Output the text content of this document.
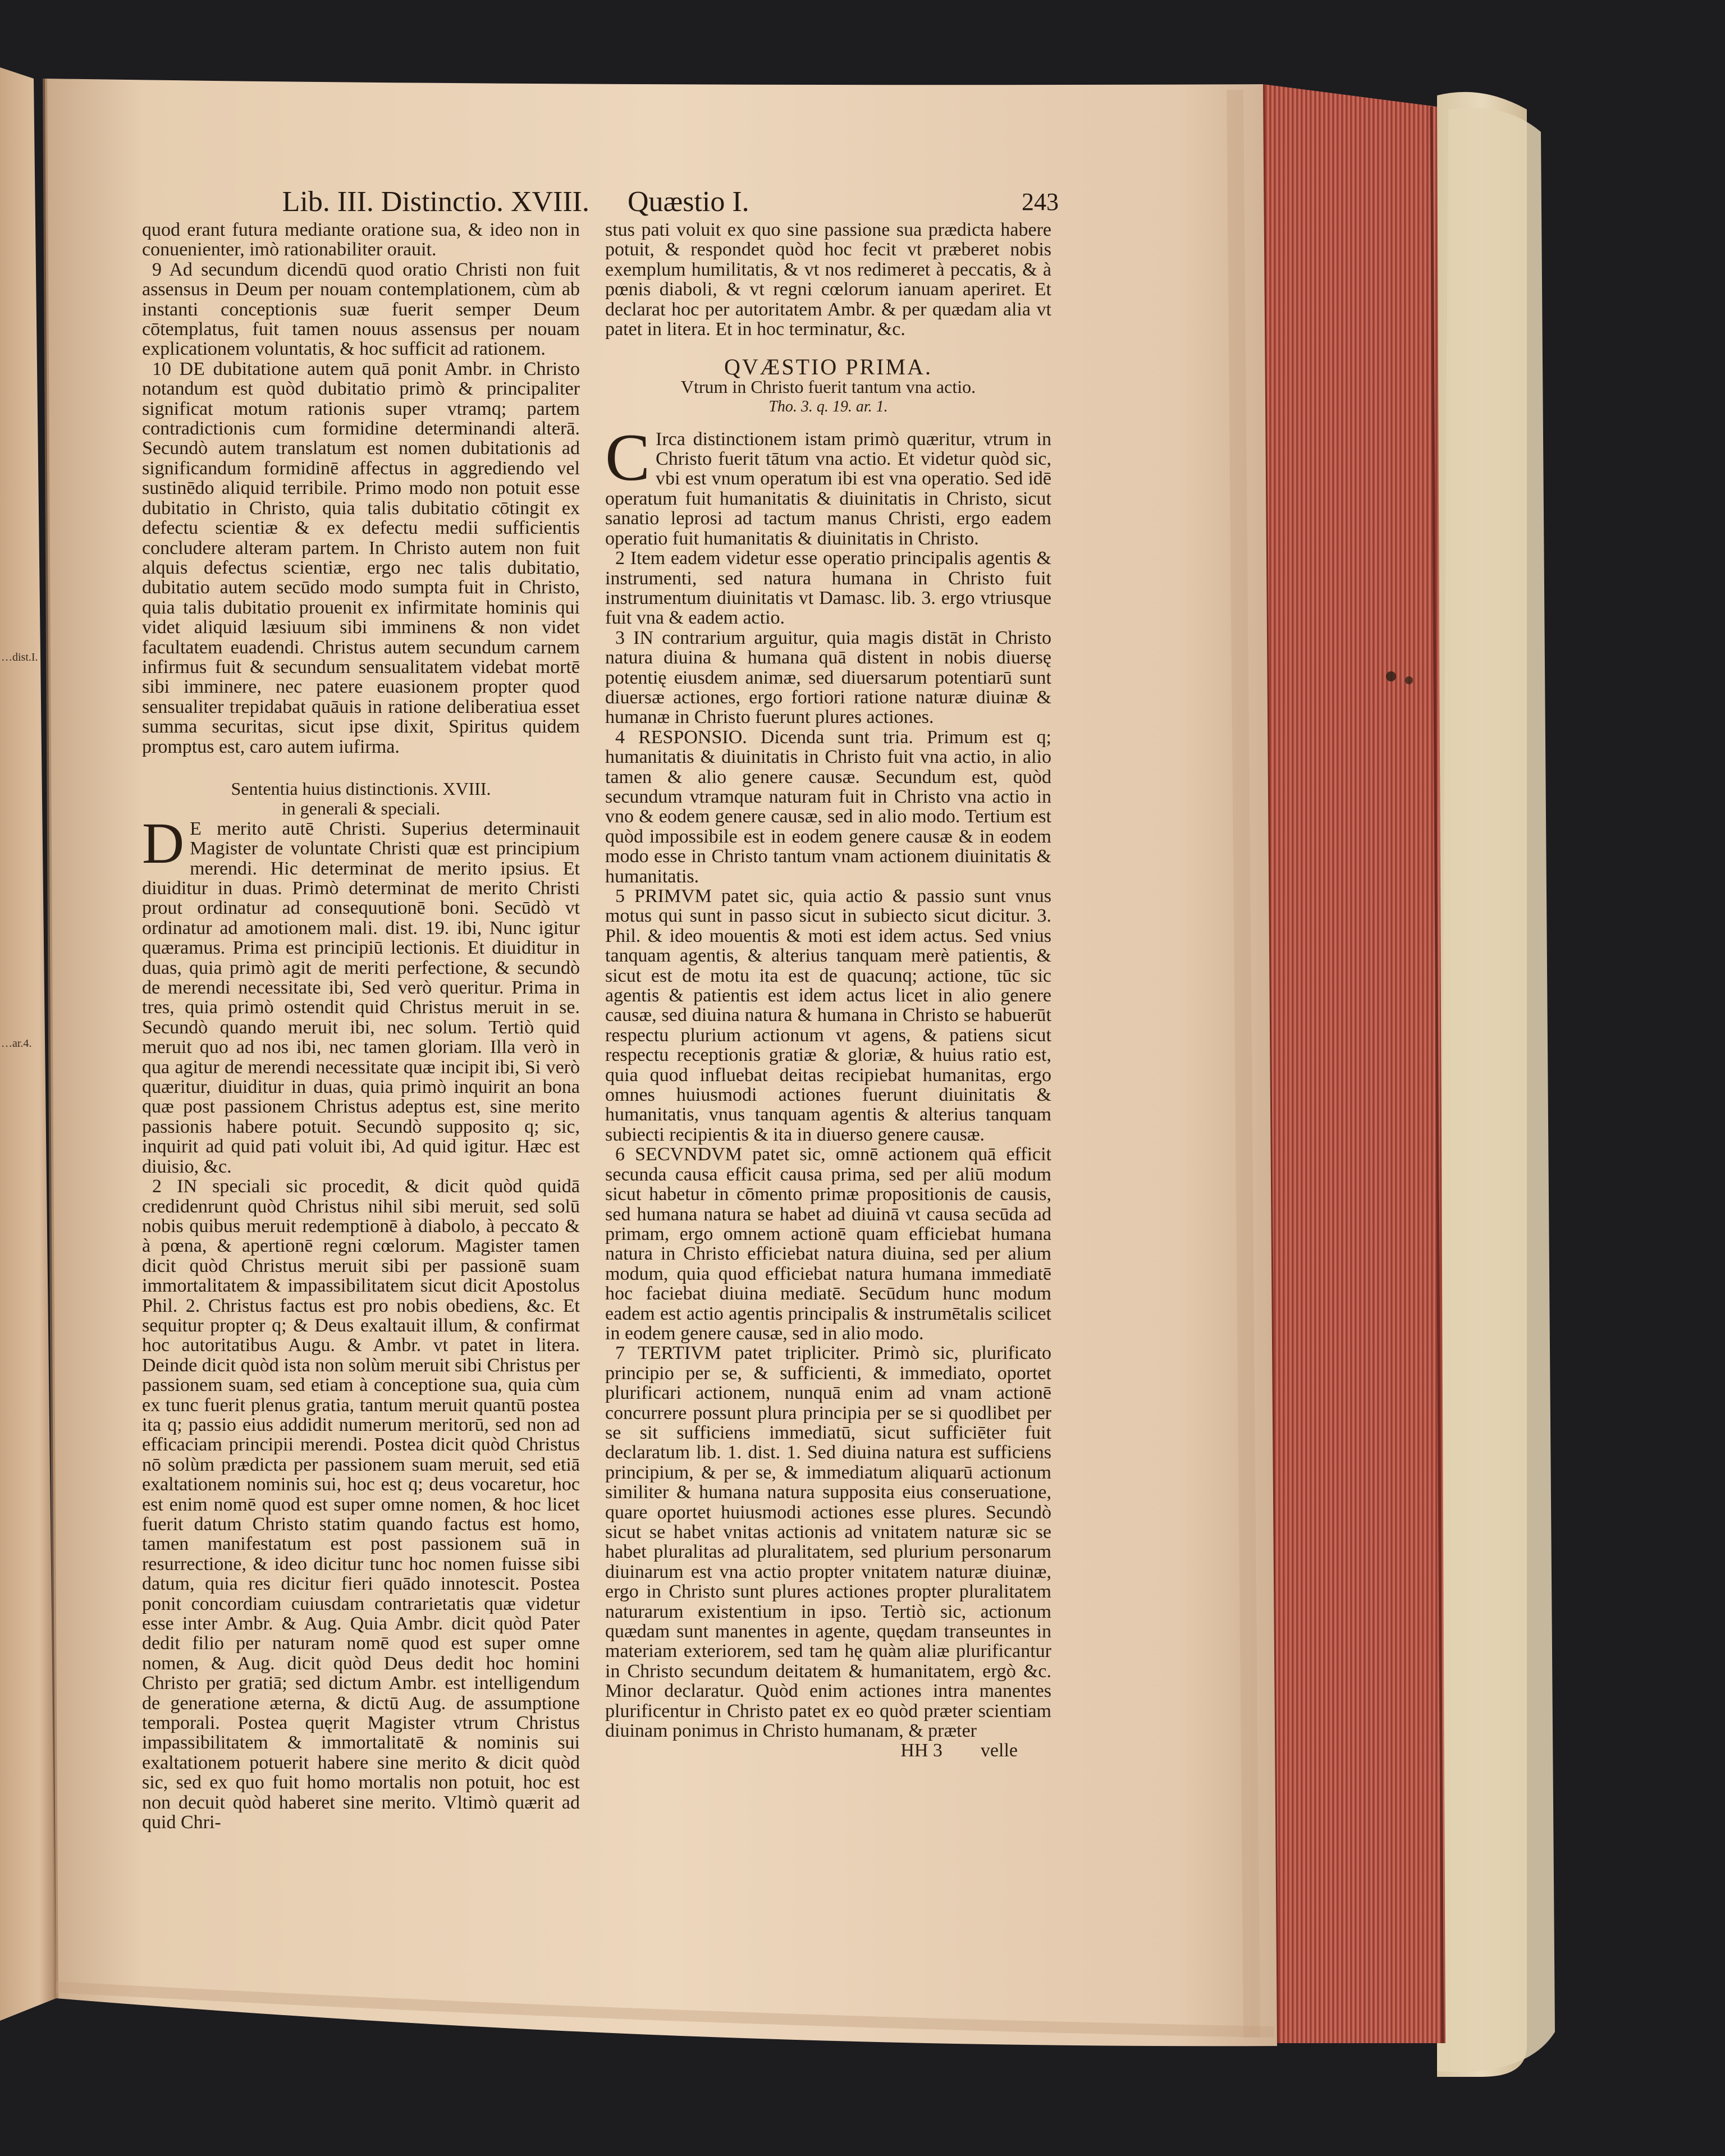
Lib. III. Distinctio. XVIII. Quæstio I.	243
…dist.I.
…ar.4.

quod erant futura mediante oratione sua, & ideo non in conuenienter, imò rationabiliter orauit.

9 Ad secundum dicendū quod oratio Christi non fuit assensus in Deum per nouam contemplationem, cùm ab instanti conceptionis suæ fuerit semper Deum cōtemplatus, fuit tamen nouus assensus per nouam explicationem voluntatis, & hoc sufficit ad rationem.

10 DE dubitatione autem quā ponit Ambr. in Christo notandum est quòd dubitatio primò & principaliter significat motum rationis super vtramq; partem contradictionis cum formidine determinandi alterā. Secundò autem translatum est nomen dubitationis ad significandum formidinē affectus in aggrediendo vel sustinēdo aliquid terribile. Primo modo non potuit esse dubitatio in Christo, quia talis dubitatio cōtingit ex defectu scientiæ & ex defectu medii sufficientis concludere alteram partem. In Christo autem non fuit alquis defectus scientiæ, ergo nec talis dubitatio, dubitatio autem secūdo modo sumpta fuit in Christo, quia talis dubitatio prouenit ex infirmitate hominis qui videt aliquid læsiuum sibi imminens & non videt facultatem euadendi. Christus autem secundum carnem infirmus fuit & secundum sensualitatem videbat mortē sibi imminere, nec patere euasionem propter quod sensualiter trepidabat quāuis in ratione deliberatiua esset summa securitas, sicut ipse dixit, Spiritus quidem promptus est, caro autem iufirma.

Sententia huius distinctionis. XVIII.

in generali & speciali.

D E merito autē Christi. Superius determinauit Magister de voluntate Christi quæ est principium merendi. Hic determinat de merito ipsius. Et diuiditur in duas. Primò determinat de merito Christi prout ordinatur ad consequutionē boni. Secūdò vt ordinatur ad amotionem mali. dist. 19. ibi, Nunc igitur quæramus. Prima est principiū lectionis. Et diuiditur in duas, quia primò agit de meriti perfectione, & secundò de merendi necessitate ibi, Sed verò queritur. Prima in tres, quia primò ostendit quid Christus meruit in se. Secundò quando meruit ibi, nec solum. Tertiò quid meruit quo ad nos ibi, nec tamen gloriam. Illa verò in qua agitur de merendi necessitate quæ incipit ibi, Si verò quæritur, diuiditur in duas, quia primò inquirit an bona quæ post passionem Christus adeptus est, sine merito passionis habere potuit. Secundò supposito q; sic, inquirit ad quid pati voluit ibi, Ad quid igitur. Hæc est diuisio, &c.

2 IN speciali sic procedit, & dicit quòd quidā credidenrunt quòd Christus nihil sibi meruit, sed solū nobis quibus meruit redemptionē à diabolo, à peccato & à pœna, & apertionē regni cœlorum. Magister tamen dicit quòd Christus meruit sibi per passionē suam immortalitatem & impassibilitatem sicut dicit Apostolus Phil. 2. Christus factus est pro nobis obediens, &c. Et sequitur propter q; & Deus exaltauit illum, & confirmat hoc autoritatibus Augu. & Ambr. vt patet in litera. Deinde dicit quòd ista non solùm meruit sibi Christus per passionem suam, sed etiam à conceptione sua, quia cùm ex tunc fuerit plenus gratia, tantum meruit quantū postea ita q; passio eius addidit numerum meritorū, sed non ad efficaciam principii merendi. Postea dicit quòd Christus nō solùm prædicta per passionem suam meruit, sed etiā exaltationem nominis sui, hoc est q; deus vocaretur, hoc est enim nomē quod est super omne nomen, & hoc licet fuerit datum Christo statim quando factus est homo, tamen manifestatum est post passionem suā in resurrectione, & ideo dicitur tunc hoc nomen fuisse sibi datum, quia res dicitur fieri quādo innotescit. Postea ponit concordiam cuiusdam contrarietatis quæ videtur esse inter Ambr. & Aug. Quia Ambr. dicit quòd Pater dedit filio per naturam nomē quod est super omne nomen, & Aug. dicit quòd Deus dedit hoc homini Christo per gratiā; sed dictum Ambr. est intelligendum de generatione æterna, & dictū Aug. de assumptione temporali. Postea quęrit Magister vtrum Christus impassibilitatem & immortalitatē & nominis sui exaltationem potuerit habere sine merito & dicit quòd sic, sed ex quo fuit homo mortalis non potuit, hoc est non decuit quòd haberet sine merito. Vltimò quærit ad quid Chri-

stus pati voluit ex quo sine passione sua prædicta habere potuit, & respondet quòd hoc fecit vt præberet nobis exemplum humilitatis, & vt nos redimeret à peccatis, & à pœnis diaboli, & vt regni cœlorum ianuam aperiret. Et declarat hoc per autoritatem Ambr. & per quædam alia vt patet in litera. Et in hoc terminatur, &c.

QVÆSTIO PRIMA.

Vtrum in Christo fuerit tantum vna actio.

Tho. 3. q. 19. ar. 1.

C Irca distinctionem istam primò quæritur, vtrum in Christo fuerit tātum vna actio. Et videtur quòd sic, vbi est vnum operatum ibi est vna operatio. Sed idē operatum fuit humanitatis & diuinitatis in Christo, sicut sanatio leprosi ad tactum manus Christi, ergo eadem operatio fuit humanitatis & diuinitatis in Christo.

2 Item eadem videtur esse operatio principalis agentis & instrumenti, sed natura humana in Christo fuit instrumentum diuinitatis vt Damasc. lib. 3. ergo vtriusque fuit vna & eadem actio.

3 IN contrarium arguitur, quia magis distāt in Christo natura diuina & humana quā distent in nobis diuersę potentię eiusdem animæ, sed diuersarum potentiarū sunt diuersæ actiones, ergo fortiori ratione naturæ diuinæ & humanæ in Christo fuerunt plures actiones.

4 RESPONSIO. Dicenda sunt tria. Primum est q; humanitatis & diuinitatis in Christo fuit vna actio, in alio tamen & alio genere causæ. Secundum est, quòd secundum vtramque naturam fuit in Christo vna actio in vno & eodem genere causæ, sed in alio modo. Tertium est quòd impossibile est in eodem genere causæ & in eodem modo esse in Christo tantum vnam actionem diuinitatis & humanitatis.

5 PRIMVM patet sic, quia actio & passio sunt vnus motus qui sunt in passo sicut in subiecto sicut dicitur. 3. Phil. & ideo mouentis & moti est idem actus. Sed vnius tanquam agentis, & alterius tanquam merè patientis, & sicut est de motu ita est de quacunq; actione, tūc sic agentis & patientis est idem actus licet in alio genere causæ, sed diuina natura & humana in Christo se habuerūt respectu plurium actionum vt agens, & patiens sicut respectu receptionis gratiæ & gloriæ, & huius ratio est, quia quod influebat deitas recipiebat humanitas, ergo omnes huiusmodi actiones fuerunt diuinitatis & humanitatis, vnus tanquam agentis & alterius tanquam subiecti recipientis & ita in diuerso genere causæ.

6 SECVNDVM patet sic, omnē actionem quā efficit secunda causa efficit causa prima, sed per aliū modum sicut habetur in cōmento primæ propositionis de causis, sed humana natura se habet ad diuinā vt causa secūda ad primam, ergo omnem actionē quam efficiebat humana natura in Christo efficiebat natura diuina, sed per alium modum, quia quod efficiebat natura humana immediatē hoc faciebat diuina mediatē. Secūdum hunc modum eadem est actio agentis principalis & instrumētalis scilicet in eodem genere causæ, sed in alio modo.

7 TERTIVM patet tripliciter. Primò sic, plurificato principio per se, & sufficienti, & immediato, oportet plurificari actionem, nunquā enim ad vnam actionē concurrere possunt plura principia per se si quodlibet per se sit sufficiens immediatū, sicut sufficiēter fuit declaratum lib. 1. dist. 1. Sed diuina natura est sufficiens principium, & per se, & immediatum aliquarū actionum similiter & humana natura supposita eius conseruatione, quare oportet huiusmodi actiones esse plures. Secundò sicut se habet vnitas actionis ad vnitatem naturæ sic se habet pluralitas ad pluralitatem, sed plurium personarum diuinarum est vna actio propter vnitatem naturæ diuinæ, ergo in Christo sunt plures actiones propter pluralitatem naturarum existentium in ipso. Tertiò sic, actionum quædam sunt manentes in agente, quędam transeuntes in materiam exteriorem, sed tam hę quàm aliæ plurificantur in Christo secundum deitatem & humanitatem, ergò &c. Minor declaratur. Quòd enim actiones intra manentes plurificentur in Christo patet ex eo quòd præter scientiam diuinam ponimus in Christo humanam, & præter

HH 3 velle
